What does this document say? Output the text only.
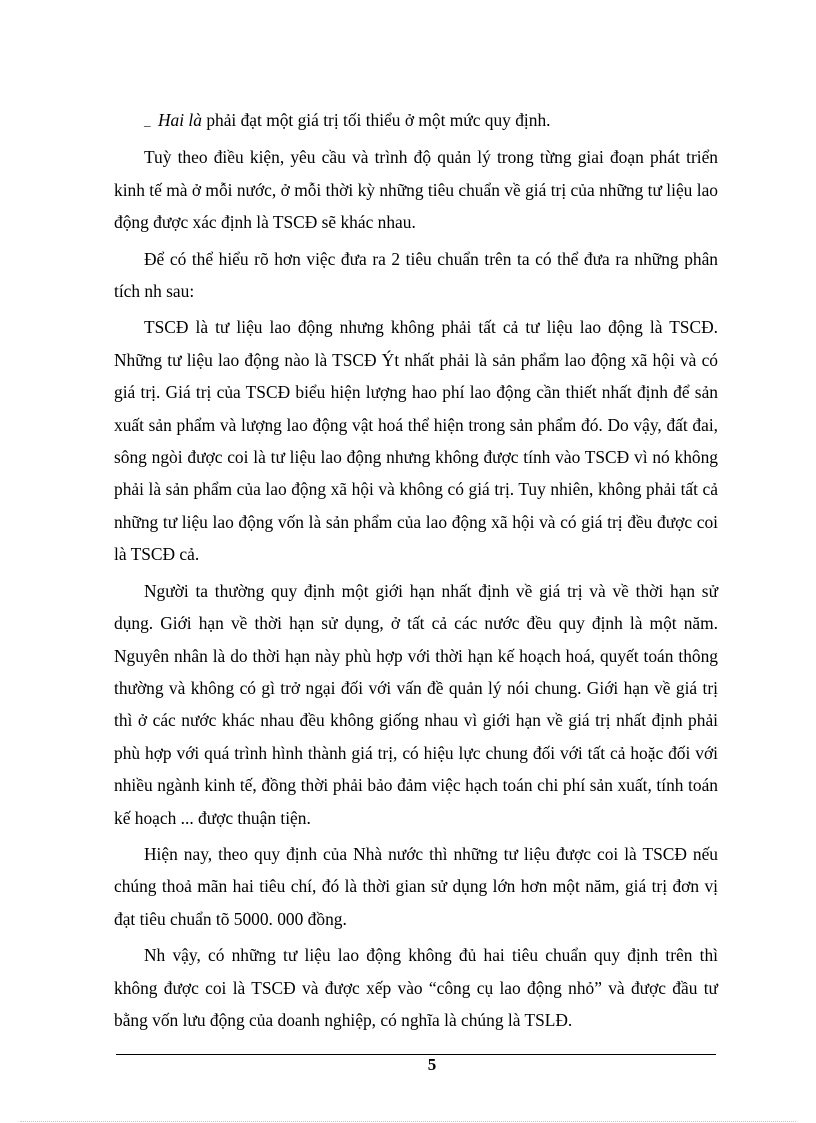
_ Hai là phải đạt một giá trị tối thiểu ở một mức quy định.

Tuỳ theo điều kiện, yêu cầu và trình độ quản lý trong từng giai đoạn phát triển kinh tế mà ở mỗi nước, ở mỗi thời kỳ những tiêu chuẩn về giá trị của những tư liệu lao động được xác định là TSCĐ sẽ khác nhau.

Để có thể hiểu rõ hơn việc đưa ra 2 tiêu chuẩn trên ta có thể đưa ra những phân tích nh sau:

TSCĐ là tư liệu lao động nhưng không phải tất cả tư liệu lao động là TSCĐ. Những tư liệu lao động nào là TSCĐ Ýt nhất phải là sản phẩm lao động xã hội và có giá trị. Giá trị của TSCĐ biểu hiện lượng hao phí lao động cần thiết nhất định để sản xuất sản phẩm và lượng lao động vật hoá thể hiện trong sản phẩm đó. Do vậy, đất đai, sông ngòi được coi là tư liệu lao động nhưng không được tính vào TSCĐ vì nó không phải là sản phẩm của lao động xã hội và không có giá trị. Tuy nhiên, không phải tất cả những tư liệu lao động vốn là sản phẩm của lao động xã hội và có giá trị đều được coi là TSCĐ cả.

Người ta thường quy định một giới hạn nhất định về giá trị và về thời hạn sử dụng. Giới hạn về thời hạn sử dụng, ở tất cả các nước đều quy định là một năm. Nguyên nhân là do thời hạn này phù hợp với thời hạn kế hoạch hoá, quyết toán thông thường và không có gì trở ngại đối với vấn đề quản lý nói chung. Giới hạn về giá trị thì ở các nước khác nhau đều không giống nhau vì giới hạn về giá trị nhất định phải phù hợp với quá trình hình thành giá trị, có hiệu lực chung đối với tất cả hoặc đối với nhiều ngành kinh tế, đồng thời phải bảo đảm việc hạch toán chi phí sản xuất, tính toán kế hoạch ... được thuận tiện.

Hiện nay, theo quy định của Nhà nước thì những tư liệu được coi là TSCĐ nếu chúng thoả mãn hai tiêu chí, đó là thời gian sử dụng lớn hơn một năm, giá trị đơn vị đạt tiêu chuẩn tõ 5000. 000 đồng.

Nh vậy, có những tư liệu lao động không đủ hai tiêu chuẩn quy định trên thì không được coi là TSCĐ và được xếp vào “công cụ lao động nhỏ” và được đầu tư bằng vốn lưu động của doanh nghiệp, có nghĩa là chúng là TSLĐ.

5
